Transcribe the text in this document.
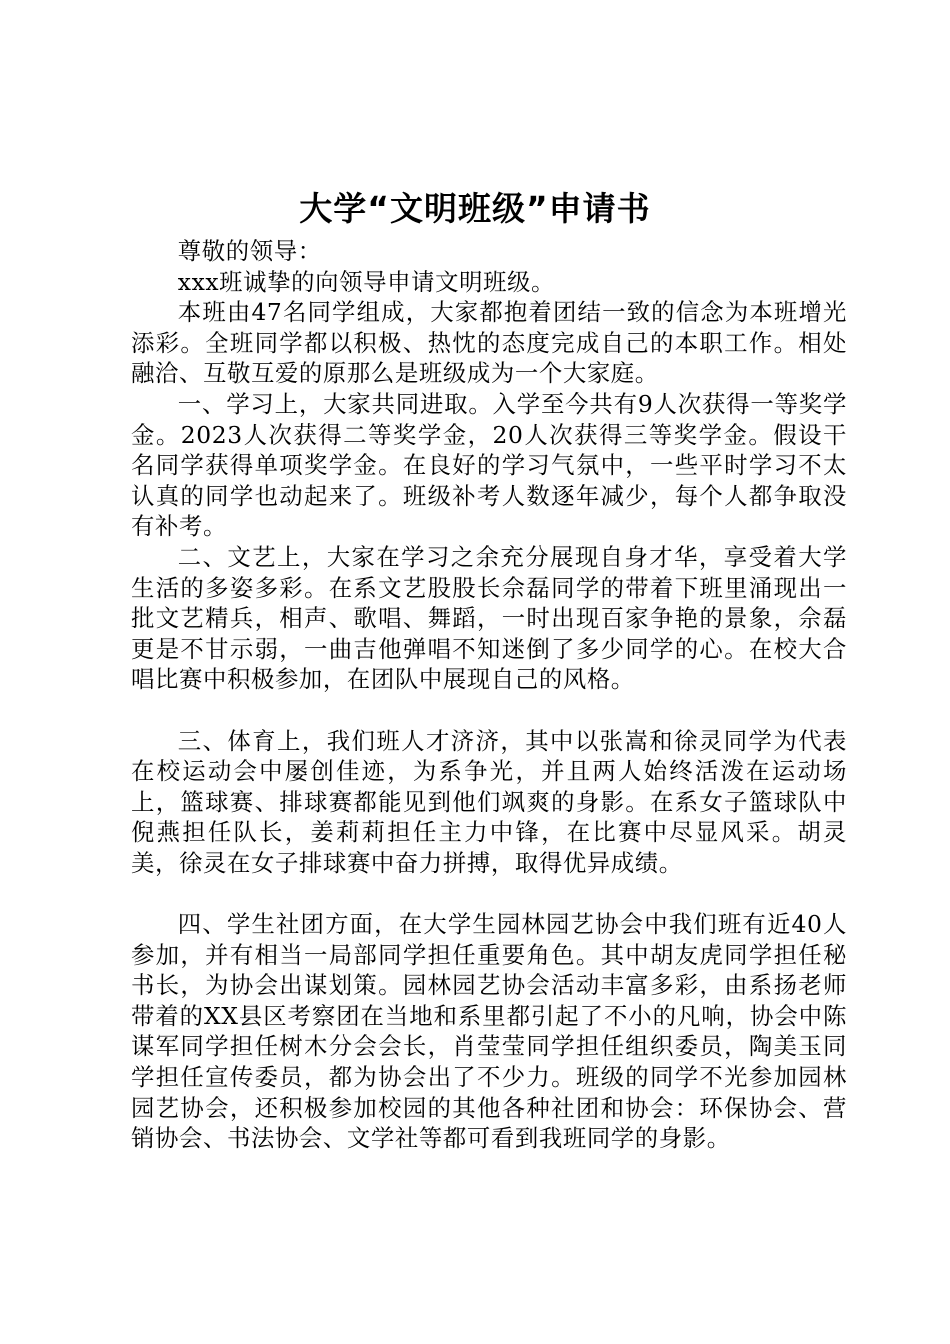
大学“文明班级”申请书

尊敬的领导：

xxx班诚挚的向领导申请文明班级。

本班由47名同学组成，大家都抱着团结一致的信念为本班增光添彩。全班同学都以积极、热忱的态度完成自己的本职工作。相处融洽、互敬互爱的原那么是班级成为一个大家庭。

一、学习上，大家共同进取。入学至今共有9人次获得一等奖学金。2023人次获得二等奖学金，20人次获得三等奖学金。假设干名同学获得单项奖学金。在良好的学习气氛中，一些平时学习不太认真的同学也动起来了。班级补考人数逐年减少，每个人都争取没有补考。

二、文艺上，大家在学习之余充分展现自身才华，享受着大学生活的多姿多彩。在系文艺股股长佘磊同学的带着下班里涌现出一批文艺精兵，相声、歌唱、舞蹈，一时出现百家争艳的景象，佘磊更是不甘示弱，一曲吉他弹唱不知迷倒了多少同学的心。在校大合唱比赛中积极参加，在团队中展现自己的风格。

三、体育上，我们班人才济济，其中以张嵩和徐灵同学为代表在校运动会中屡创佳迹，为系争光，并且两人始终活泼在运动场上，篮球赛、排球赛都能见到他们飒爽的身影。在系女子篮球队中倪燕担任队长，姜莉莉担任主力中锋，在比赛中尽显风采。胡灵美，徐灵在女子排球赛中奋力拼搏，取得优异成绩。

四、学生社团方面，在大学生园林园艺协会中我们班有近40人参加，并有相当一局部同学担任重要角色。其中胡友虎同学担任秘书长，为协会出谋划策。园林园艺协会活动丰富多彩，由系扬老师带着的XX县区考察团在当地和系里都引起了不小的凡响，协会中陈谋军同学担任树木分会会长，肖莹莹同学担任组织委员，陶美玉同学担任宣传委员，都为协会出了不少力。班级的同学不光参加园林园艺协会，还积极参加校园的其他各种社团和协会：环保协会、营销协会、书法协会、文学社等都可看到我班同学的身影。
